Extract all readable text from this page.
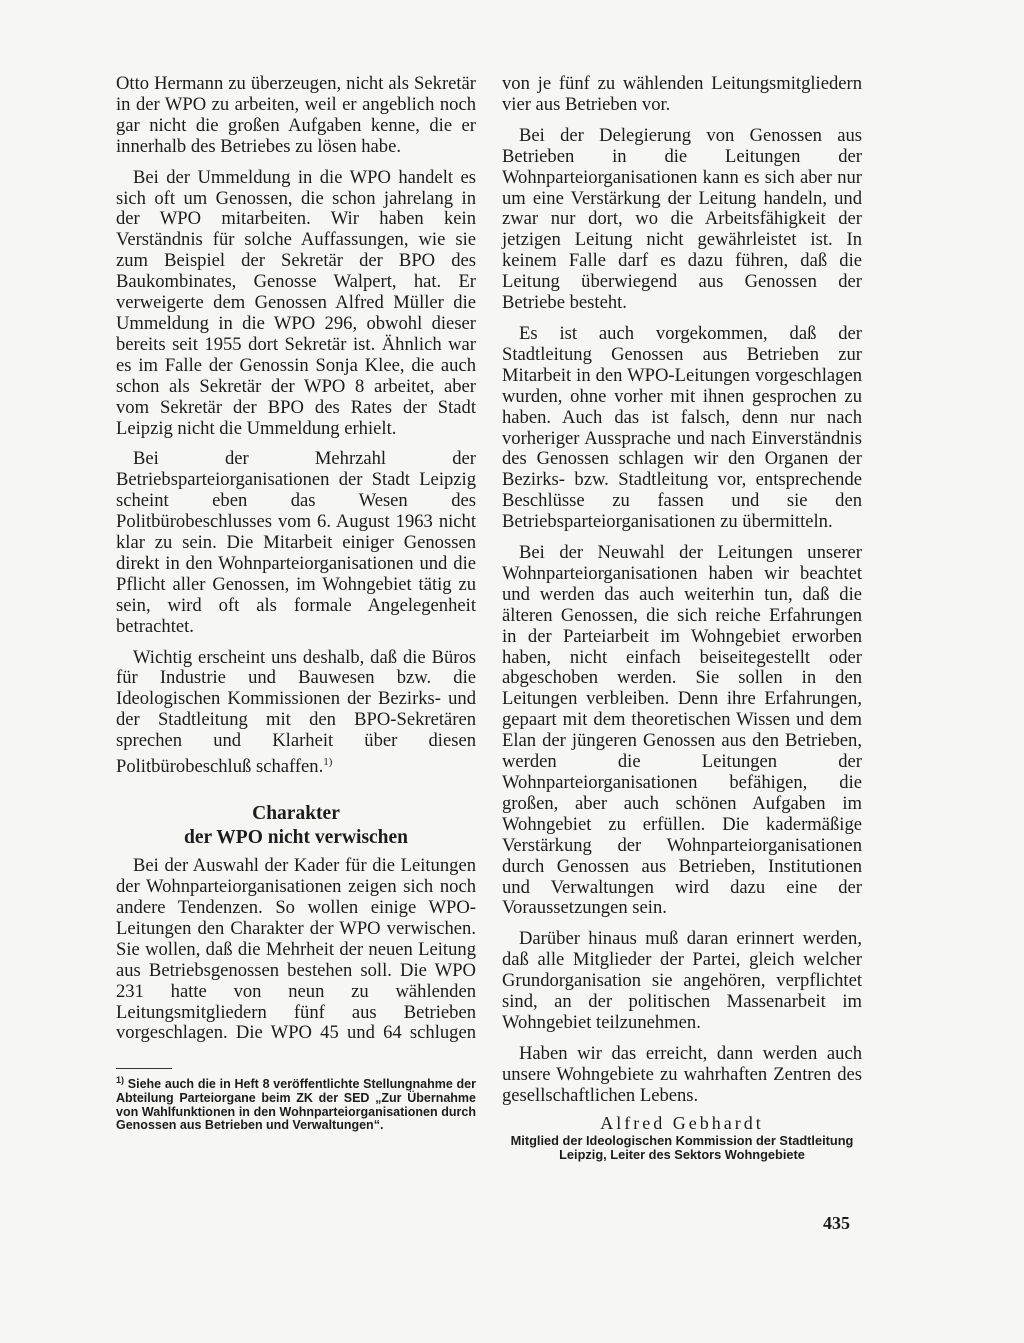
Otto Hermann zu überzeugen, nicht als Sekretär in der WPO zu arbeiten, weil er angeblich noch gar nicht die großen Aufgaben kenne, die er innerhalb des Betriebes zu lösen habe.

Bei der Ummeldung in die WPO handelt es sich oft um Genossen, die schon jahrelang in der WPO mitarbeiten. Wir haben kein Verständnis für solche Auffassungen, wie sie zum Beispiel der Sekretär der BPO des Baukombinates, Genosse Walpert, hat. Er verweigerte dem Genossen Alfred Müller die Ummeldung in die WPO 296, obwohl dieser bereits seit 1955 dort Sekretär ist. Ähnlich war es im Falle der Genossin Sonja Klee, die auch schon als Sekretär der WPO 8 arbeitet, aber vom Sekretär der BPO des Rates der Stadt Leipzig nicht die Ummeldung erhielt.

Bei der Mehrzahl der Betriebsparteiorganisationen der Stadt Leipzig scheint eben das Wesen des Politbürobeschlusses vom 6. August 1963 nicht klar zu sein. Die Mitarbeit einiger Genossen direkt in den Wohnparteiorganisationen und die Pflicht aller Genossen, im Wohngebiet tätig zu sein, wird oft als formale Angelegenheit betrachtet.

Wichtig erscheint uns deshalb, daß die Büros für Industrie und Bauwesen bzw. die Ideologischen Kommissionen der Bezirks- und der Stadtleitung mit den BPO-Sekretären sprechen und Klarheit über diesen Politbürobeschluß schaffen.$^{1)}$

Charakter
der WPO nicht verwischen

Bei der Auswahl der Kader für die Leitungen der Wohnparteiorganisationen zeigen sich noch andere Tendenzen. So wollen einige WPO-Leitungen den Charakter der WPO verwischen. Sie wollen, daß die Mehrheit der neuen Leitung aus Betriebsgenossen bestehen soll. Die WPO 231 hatte von neun zu wählenden Leitungsmitgliedern fünf aus Betrieben vorgeschlagen. Die WPO 45 und 64 schlugen

$^{1)}$ Siehe auch die in Heft 8 veröffentlichte Stellungnahme der Abteilung Parteiorgane beim ZK der SED „Zur Übernahme von Wahlfunktionen in den Wohnparteiorganisationen durch Genossen aus Betrieben und Verwaltungen“.

von je fünf zu wählenden Leitungsmitgliedern vier aus Betrieben vor.

Bei der Delegierung von Genossen aus Betrieben in die Leitungen der Wohnparteiorganisationen kann es sich aber nur um eine Verstärkung der Leitung handeln, und zwar nur dort, wo die Arbeitsfähigkeit der jetzigen Leitung nicht gewährleistet ist. In keinem Falle darf es dazu führen, daß die Leitung überwiegend aus Genossen der Betriebe besteht.

Es ist auch vorgekommen, daß der Stadtleitung Genossen aus Betrieben zur Mitarbeit in den WPO-Leitungen vorgeschlagen wurden, ohne vorher mit ihnen gesprochen zu haben. Auch das ist falsch, denn nur nach vorheriger Aussprache und nach Einverständnis des Genossen schlagen wir den Organen der Bezirks- bzw. Stadtleitung vor, entsprechende Beschlüsse zu fassen und sie den Betriebsparteiorganisationen zu übermitteln.

Bei der Neuwahl der Leitungen unserer Wohnparteiorganisationen haben wir beachtet und werden das auch weiterhin tun, daß die älteren Genossen, die sich reiche Erfahrungen in der Parteiarbeit im Wohngebiet erworben haben, nicht einfach beiseitegestellt oder abgeschoben werden. Sie sollen in den Leitungen verbleiben. Denn ihre Erfahrungen, gepaart mit dem theoretischen Wissen und dem Elan der jüngeren Genossen aus den Betrieben, werden die Leitungen der Wohnparteiorganisationen befähigen, die großen, aber auch schönen Aufgaben im Wohngebiet zu erfüllen. Die kadermäßige Verstärkung der Wohnparteiorganisationen durch Genossen aus Betrieben, Institutionen und Verwaltungen wird dazu eine der Voraussetzungen sein.

Darüber hinaus muß daran erinnert werden, daß alle Mitglieder der Partei, gleich welcher Grundorganisation sie angehören, verpflichtet sind, an der politischen Massenarbeit im Wohngebiet teilzunehmen.

Haben wir das erreicht, dann werden auch unsere Wohngebiete zu wahrhaften Zentren des gesellschaftlichen Lebens.

Alfred Gebhardt
Mitglied der Ideologischen Kommission der Stadtleitung Leipzig, Leiter des Sektors Wohngebiete
435
